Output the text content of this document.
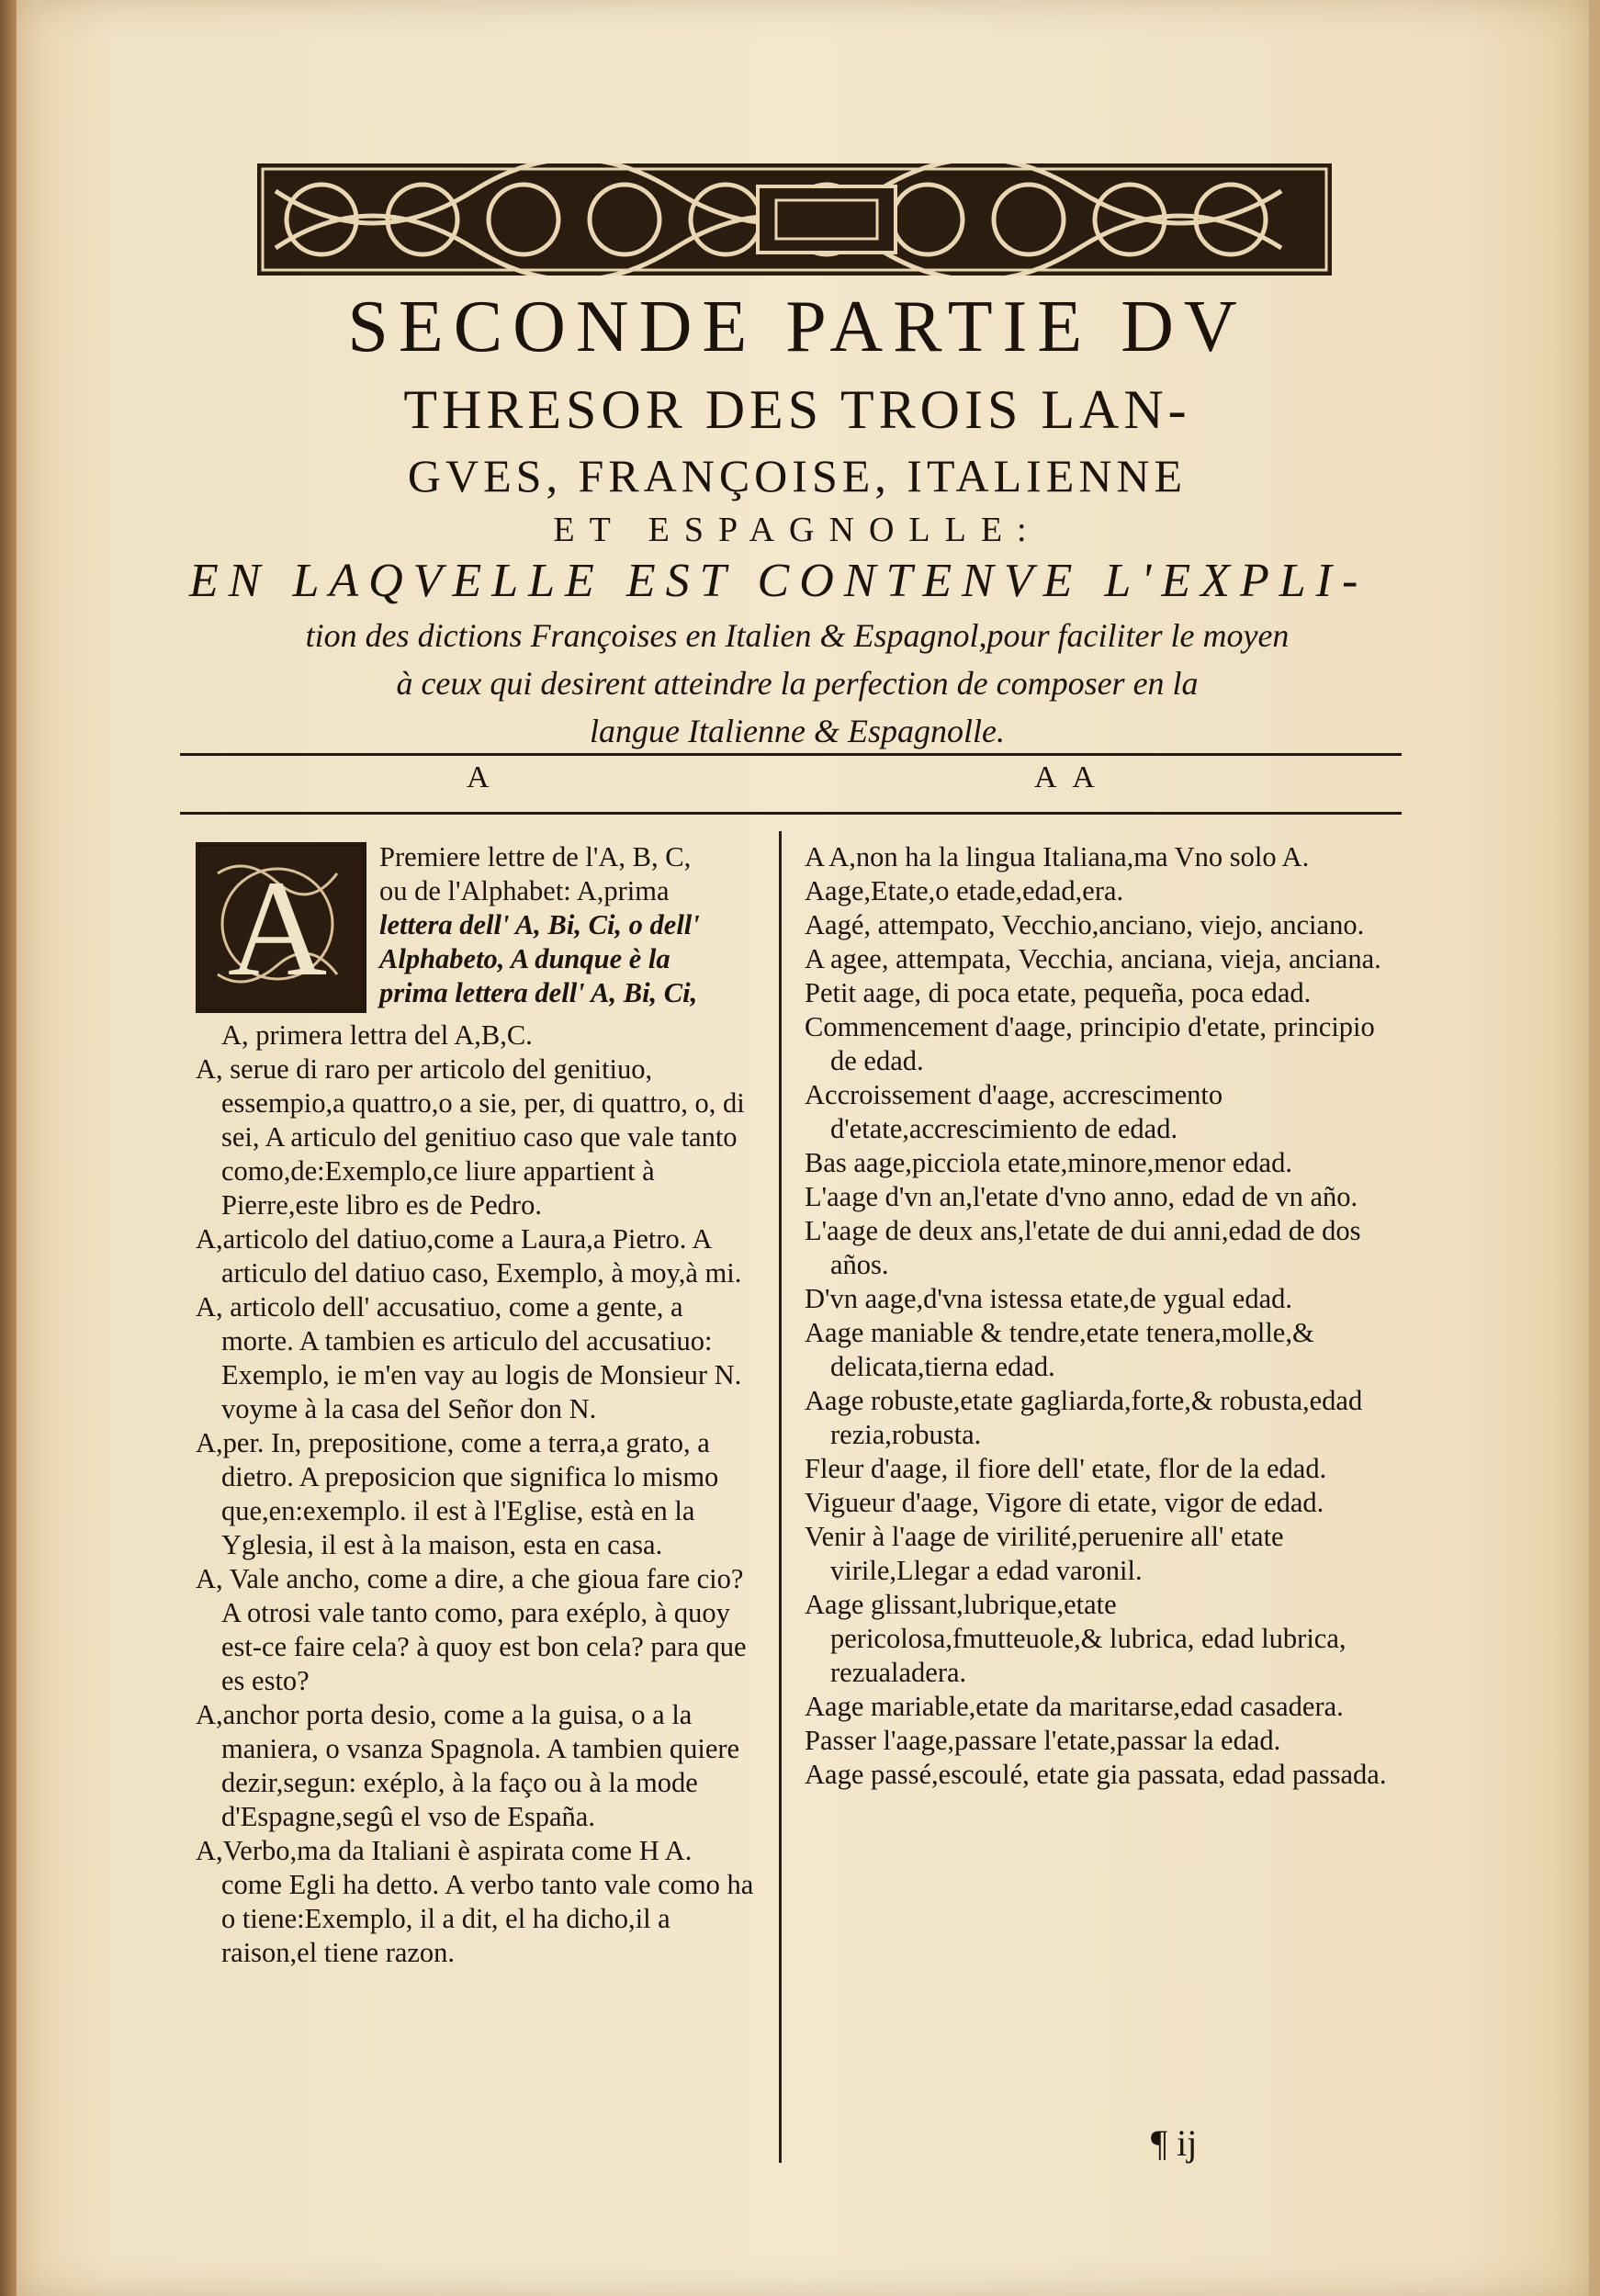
SECONDE PARTIE DV
THRESOR DES TROIS LAN-
GVES, FRANÇOISE, ITALIENNE
ET ESPAGNOLLE:
EN LAQVELLE EST CONTENVE L'EXPLI-
tion des dictions Françoises en Italien & Espagnol,pour faciliter le moyen
à ceux qui desirent atteindre la perfection de composer en la
langue Italienne & Espagnolle.
A	A A
A	Premiere lettre de l'A, B, C,
ou de l'Alphabet: A,prima
lettera dell' A, Bi, Ci, o dell'
Alphabeto, A dunque è la
prima lettera dell' A, Bi, Ci,
A, primera lettra del A,B,C.
A, serue di raro per articolo del genitiuo, essempio,a quattro,o a sie, per, di quattro, o, di sei, A articulo del genitiuo caso que vale tanto como,de:Exemplo,ce liure appartient à Pierre,este libro es de Pedro.
A,articolo del datiuo,come a Laura,a Pietro. A articulo del datiuo caso, Exemplo, à moy,à mi.
A, articolo dell' accusatiuo, come a gente, a morte. A tambien es articulo del accusatiuo: Exemplo, ie m'en vay au logis de Monsieur N. voyme à la casa del Señor don N.
A,per. In, prepositione, come a terra,a grato, a dietro. A preposicion que significa lo mismo que,en:exemplo. il est à l'Eglise, està en la Yglesia, il est à la maison, esta en casa.
A, Vale ancho, come a dire, a che gioua fare cio? A otrosi vale tanto como, para exéplo, à quoy est-ce faire cela? à quoy est bon cela? para que es esto?
A,anchor porta desio, come a la guisa, o a la maniera, o vsanza Spagnola. A tambien quiere dezir,segun: exéplo, à la faço ou à la mode d'Espagne,segû el vso de España.
A,Verbo,ma da Italiani è aspirata come H A. come Egli ha detto. A verbo tanto vale como ha o tiene:Exemplo, il a dit, el ha dicho,il a raison,el tiene razon.
A A,non ha la lingua Italiana,ma Vno solo A.
Aage,Etate,o etade,edad,era.
Aagé, attempato, Vecchio,anciano, viejo, anciano.
A agee, attempata, Vecchia, anciana, vieja, anciana.
Petit aage, di poca etate, pequeña, poca edad.
Commencement d'aage, principio d'etate, principio de edad.
Accroissement d'aage, accrescimento d'etate,accrescimiento de edad.
Bas aage,picciola etate,minore,menor edad.
L'aage d'vn an,l'etate d'vno anno, edad de vn año.
L'aage de deux ans,l'etate de dui anni,edad de dos años.
D'vn aage,d'vna istessa etate,de ygual edad.
Aage maniable & tendre,etate tenera,molle,& delicata,tierna edad.
Aage robuste,etate gagliarda,forte,& robusta,edad rezia,robusta.
Fleur d'aage, il fiore dell' etate, flor de la edad.
Vigueur d'aage, Vigore di etate, vigor de edad.
Venir à l'aage de virilité,peruenire all' etate virile,Llegar a edad varonil.
Aage glissant,lubrique,etate pericolosa,fmutteuole,& lubrica, edad lubrica, rezualadera.
Aage mariable,etate da maritarse,edad casadera.
Passer l'aage,passare l'etate,passar la edad.
Aage passé,escoulé, etate gia passata, edad passada.
¶ ij
